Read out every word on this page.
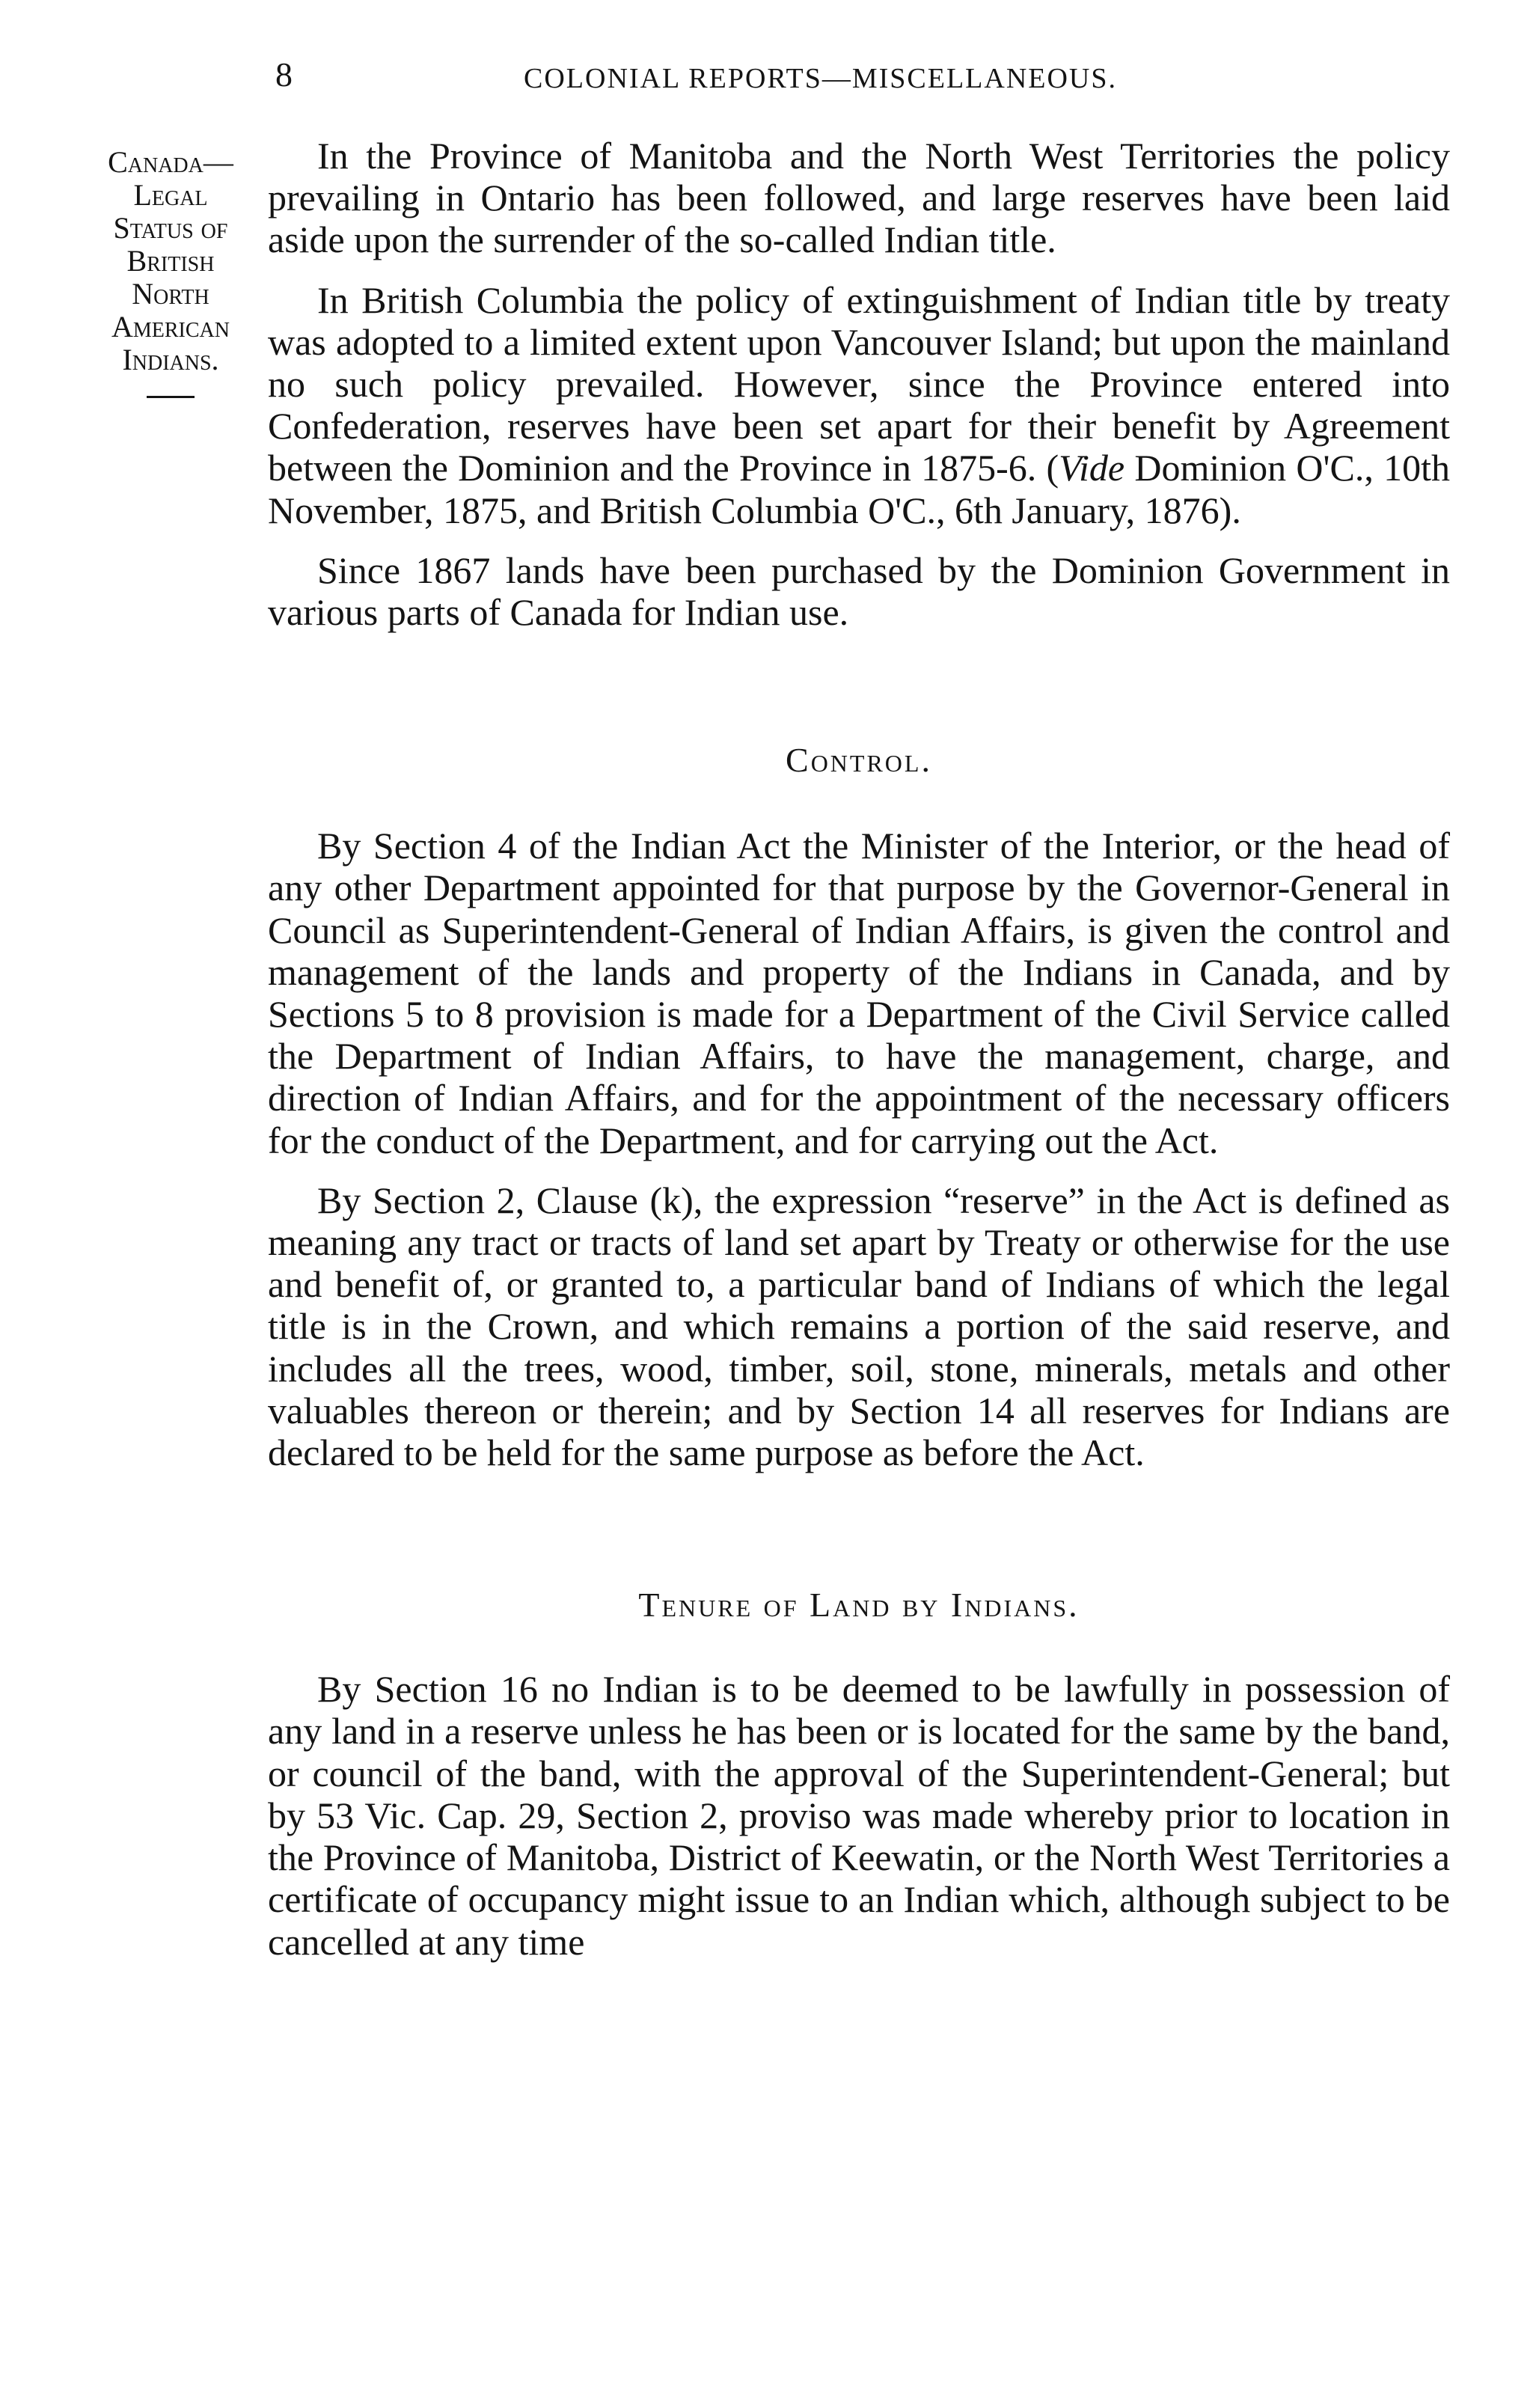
8	COLONIAL REPORTS—MISCELLANEOUS.
Canada—
Legal
Status of
British
North
American
Indians.

In the Province of Manitoba and the North West Territories the policy prevailing in Ontario has been followed, and large reserves have been laid aside upon the surrender of the so-called Indian title.

In British Columbia the policy of extinguishment of Indian title by treaty was adopted to a limited extent upon Vancouver Island; but upon the mainland no such policy prevailed. However, since the Province entered into Confederation, reserves have been set apart for their benefit by Agreement between the Dominion and the Province in 1875-6. (Vide Dominion O'C., 10th November, 1875, and British Columbia O'C., 6th January, 1876).

Since 1867 lands have been purchased by the Dominion Government in various parts of Canada for Indian use.

Control.

By Section 4 of the Indian Act the Minister of the Interior, or the head of any other Department appointed for that purpose by the Governor-General in Council as Superintendent-General of Indian Affairs, is given the control and management of the lands and property of the Indians in Canada, and by Sections 5 to 8 provision is made for a Department of the Civil Service called the Department of Indian Affairs, to have the management, charge, and direction of Indian Affairs, and for the appointment of the necessary officers for the conduct of the Department, and for carrying out the Act.

By Section 2, Clause (k), the expression “reserve” in the Act is defined as meaning any tract or tracts of land set apart by Treaty or otherwise for the use and benefit of, or granted to, a particular band of Indians of which the legal title is in the Crown, and which remains a portion of the said reserve, and includes all the trees, wood, timber, soil, stone, minerals, metals and other valuables thereon or therein; and by Section 14 all reserves for Indians are declared to be held for the same purpose as before the Act.

Tenure of Land by Indians.

By Section 16 no Indian is to be deemed to be lawfully in possession of any land in a reserve unless he has been or is located for the same by the band, or council of the band, with the approval of the Superintendent-General; but by 53 Vic. Cap. 29, Section 2, proviso was made whereby prior to location in the Province of Manitoba, District of Keewatin, or the North West Territories a certificate of occupancy might issue to an Indian which, although subject to be cancelled at any time
